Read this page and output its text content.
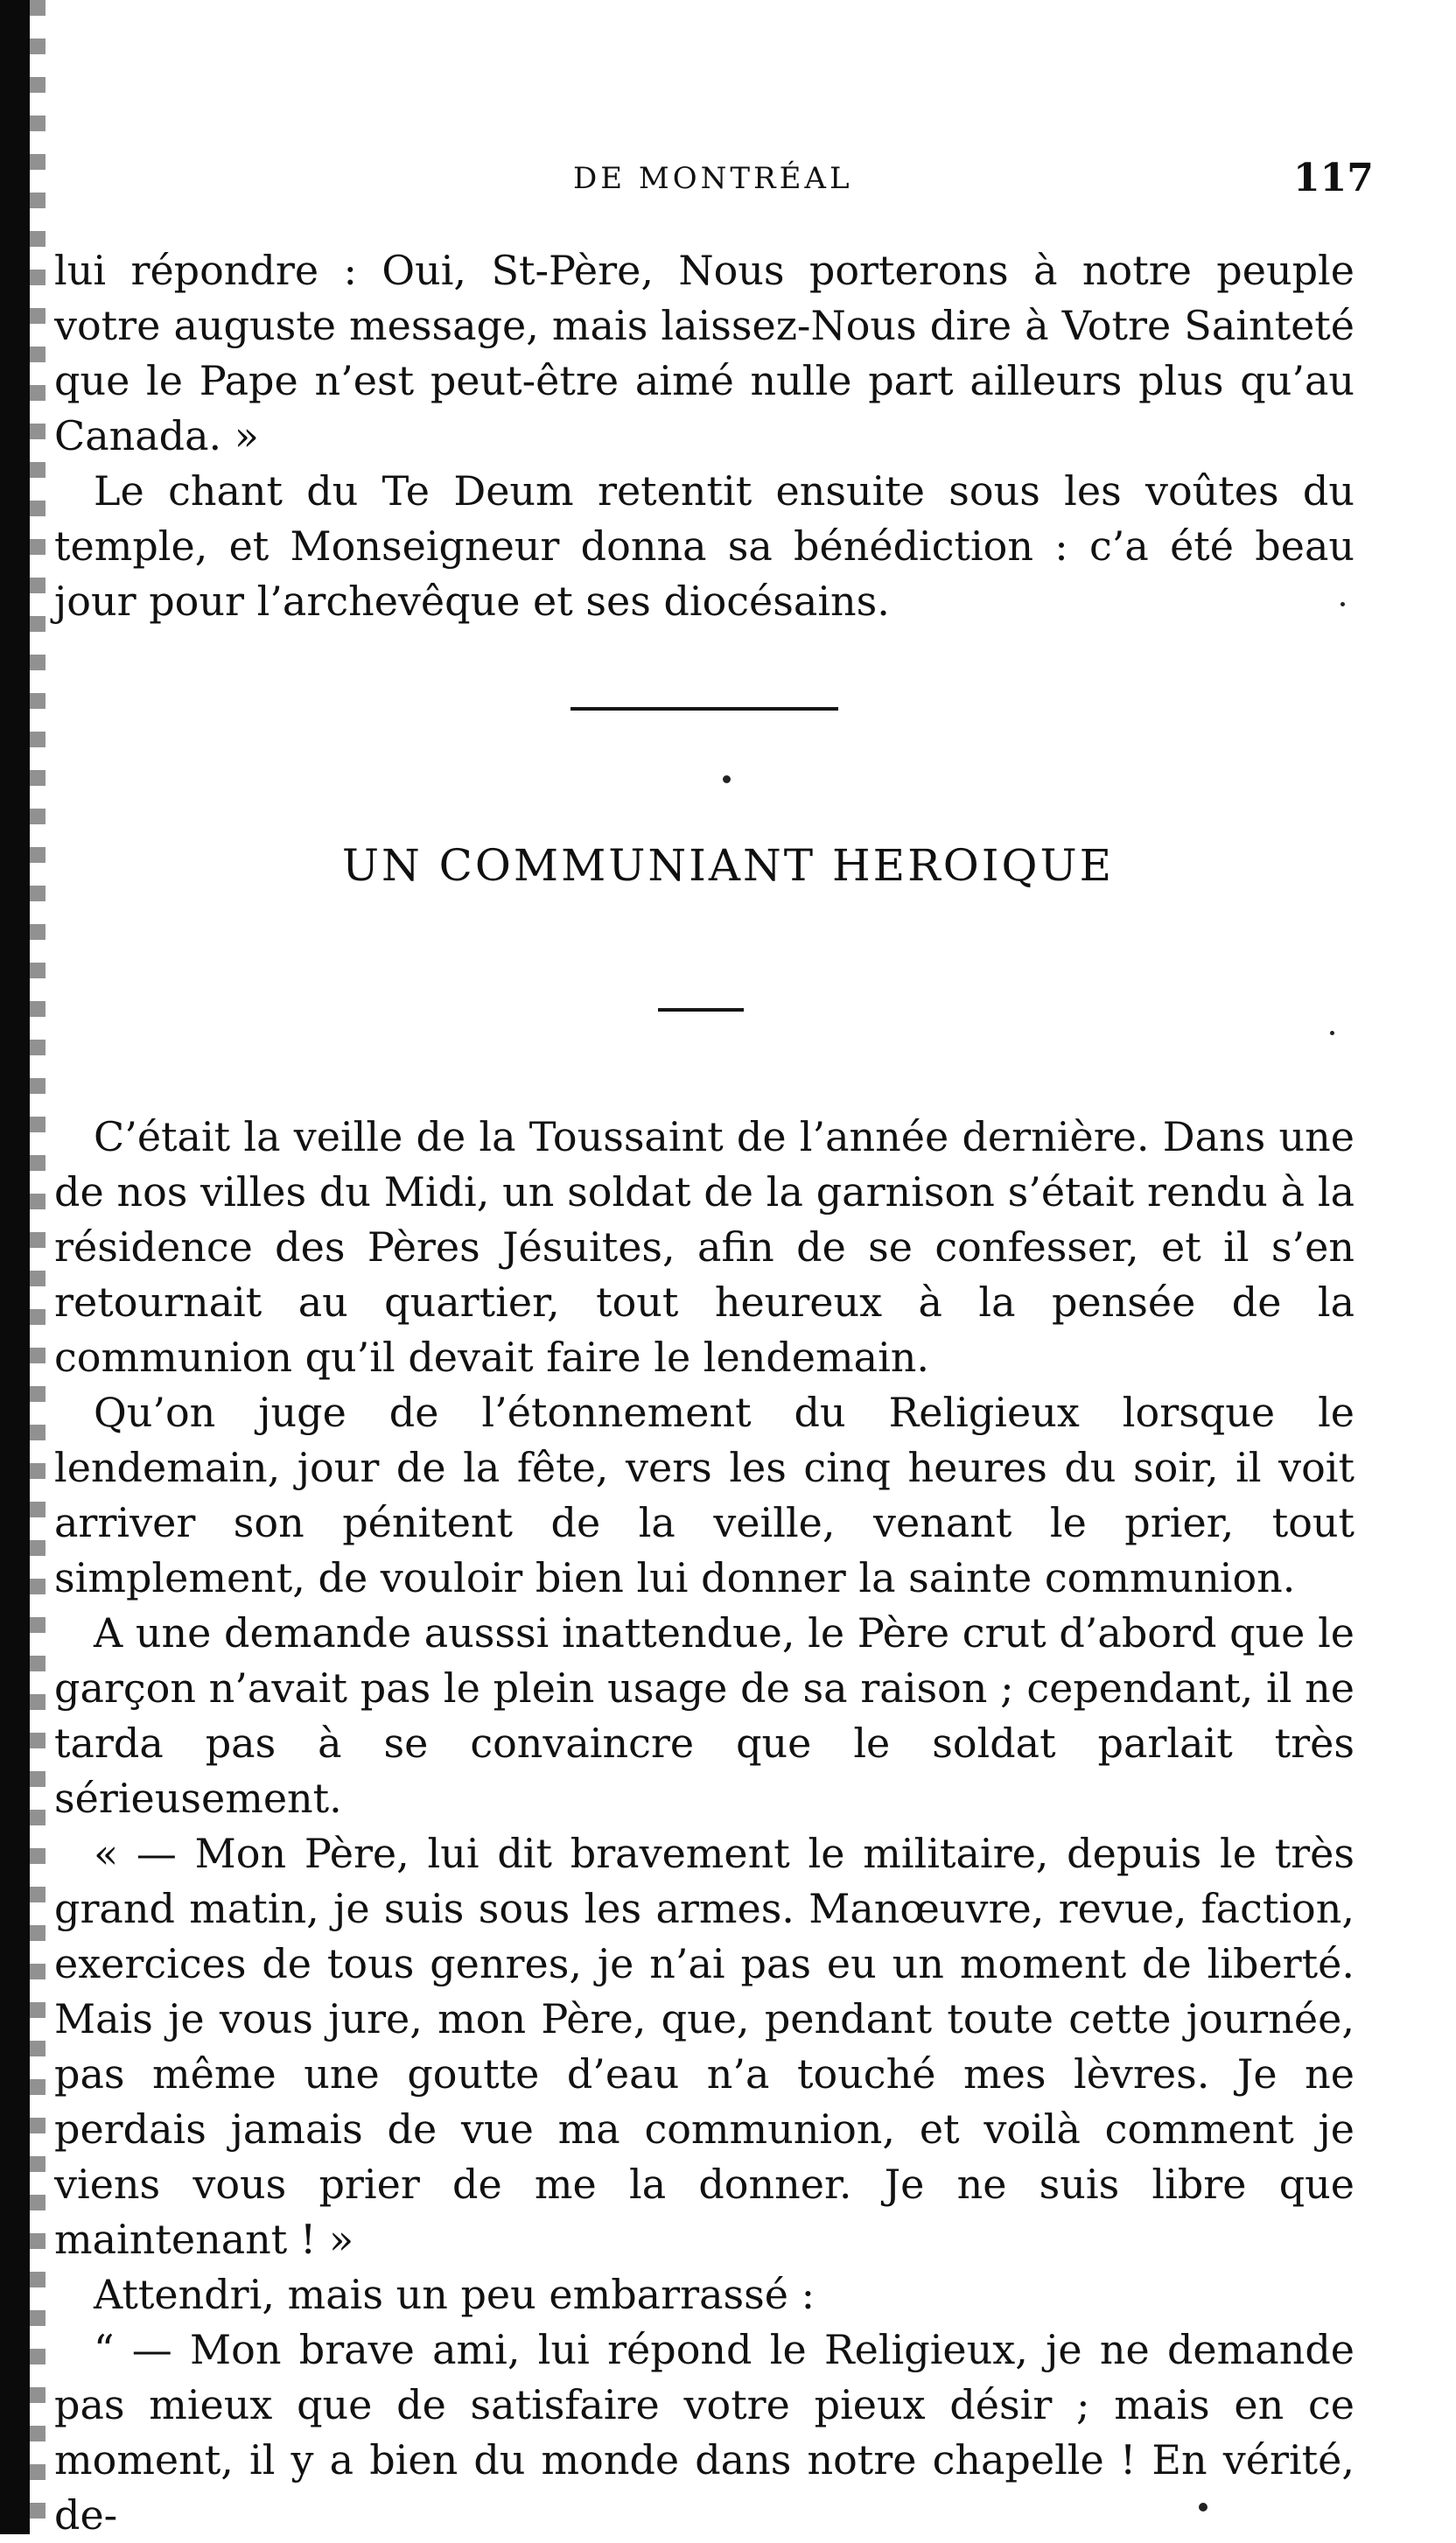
DE MONTRÉAL	117

lui répondre : Oui, St-Père, Nous porterons à notre peuple votre auguste message, mais laissez-Nous dire à Votre Sainteté que le Pape n’est peut-être aimé nulle part ailleurs plus qu’au Canada. »

Le chant du Te Deum retentit ensuite sous les voûtes du temple, et Monseigneur donna sa bénédiction : c’a été beau jour pour l’archevêque et ses diocésains.

UN COMMUNIANT HEROIQUE

C’était la veille de la Toussaint de l’année dernière. Dans une de nos villes du Midi, un soldat de la garnison s’était rendu à la résidence des Pères Jésuites, afin de se confesser, et il s’en retournait au quartier, tout heureux à la pensée de la communion qu’il devait faire le lendemain.

Qu’on juge de l’étonnement du Religieux lorsque le lendemain, jour de la fête, vers les cinq heures du soir, il voit arriver son pénitent de la veille, venant le prier, tout simplement, de vouloir bien lui donner la sainte communion.

A une demande ausssi inattendue, le Père crut d’abord que le garçon n’avait pas le plein usage de sa raison ; cependant, il ne tarda pas à se convaincre que le soldat parlait très sérieusement.

« — Mon Père, lui dit bravement le militaire, depuis le très grand matin, je suis sous les armes. Manœuvre, revue, faction, exercices de tous genres, je n’ai pas eu un moment de liberté. Mais je vous jure, mon Père, que, pendant toute cette journée, pas même une goutte d’eau n’a touché mes lèvres. Je ne perdais jamais de vue ma communion, et voilà comment je viens vous prier de me la donner. Je ne suis libre que maintenant ! »

Attendri, mais un peu embarrassé :

“ — Mon brave ami, lui répond le Religieux, je ne demande pas mieux que de satisfaire votre pieux désir ; mais en ce moment, il y a bien du monde dans notre chapelle ! En vérité, de-
